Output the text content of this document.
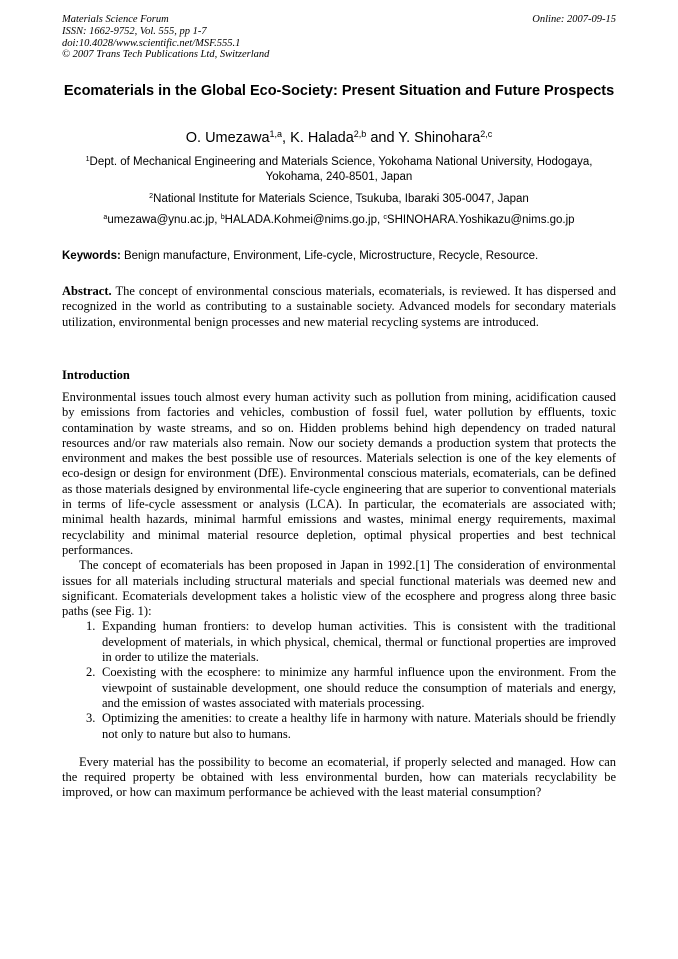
Materials Science Forum
ISSN: 1662-9752, Vol. 555, pp 1-7
doi:10.4028/www.scientific.net/MSF.555.1
© 2007 Trans Tech Publications Ltd, Switzerland
Online: 2007-09-15
Ecomaterials in the Global Eco-Society: Present Situation and Future Prospects
O. Umezawa$^{1,a}$, K. Halada$^{2,b}$ and Y. Shinohara$^{2,c}$
$^1$Dept. of Mechanical Engineering and Materials Science, Yokohama National University, Hodogaya, Yokohama, 240-8501, Japan
$^2$National Institute for Materials Science, Tsukuba, Ibaraki 305-0047, Japan
$^a$umezawa@ynu.ac.jp, $^b$HALADA.Kohmei@nims.go.jp, $^c$SHINOHARA.Yoshikazu@nims.go.jp
Keywords: Benign manufacture, Environment, Life-cycle, Microstructure, Recycle, Resource.

Abstract. The concept of environmental conscious materials, ecomaterials, is reviewed. It has dispersed and recognized in the world as contributing to a sustainable society. Advanced models for secondary materials utilization, environmental benign processes and new material recycling systems are introduced.

Introduction

Environmental issues touch almost every human activity such as pollution from mining, acidification caused by emissions from factories and vehicles, combustion of fossil fuel, water pollution by effluents, toxic contamination by waste streams, and so on. Hidden problems behind high dependency on traded natural resources and/or raw materials also remain. Now our society demands a production system that protects the environment and makes the best possible use of resources. Materials selection is one of the key elements of eco-design or design for environment (DfE). Environmental conscious materials, ecomaterials, can be defined as those materials designed by environmental life-cycle engineering that are superior to conventional materials in terms of life-cycle assessment or analysis (LCA). In particular, the ecomaterials are associated with; minimal health hazards, minimal harmful emissions and wastes, minimal energy requirements, maximal recyclability and minimal material resource depletion, optimal physical properties and best technical performances.

The concept of ecomaterials has been proposed in Japan in 1992.[1] The consideration of environmental issues for all materials including structural materials and special functional materials was deemed new and significant. Ecomaterials development takes a holistic view of the ecosphere and progress along three basic paths (see Fig. 1):

1. Expanding human frontiers: to develop human activities. This is consistent with the traditional development of materials, in which physical, chemical, thermal or functional properties are improved in order to utilize the materials.
2. Coexisting with the ecosphere: to minimize any harmful influence upon the environment. From the viewpoint of sustainable development, one should reduce the consumption of materials and energy, and the emission of wastes associated with materials processing.
3. Optimizing the amenities: to create a healthy life in harmony with nature. Materials should be friendly not only to nature but also to humans.

Every material has the possibility to become an ecomaterial, if properly selected and managed. How can the required property be obtained with less environmental burden, how can materials recyclability be improved, or how can maximum performance be achieved with the least material consumption?
